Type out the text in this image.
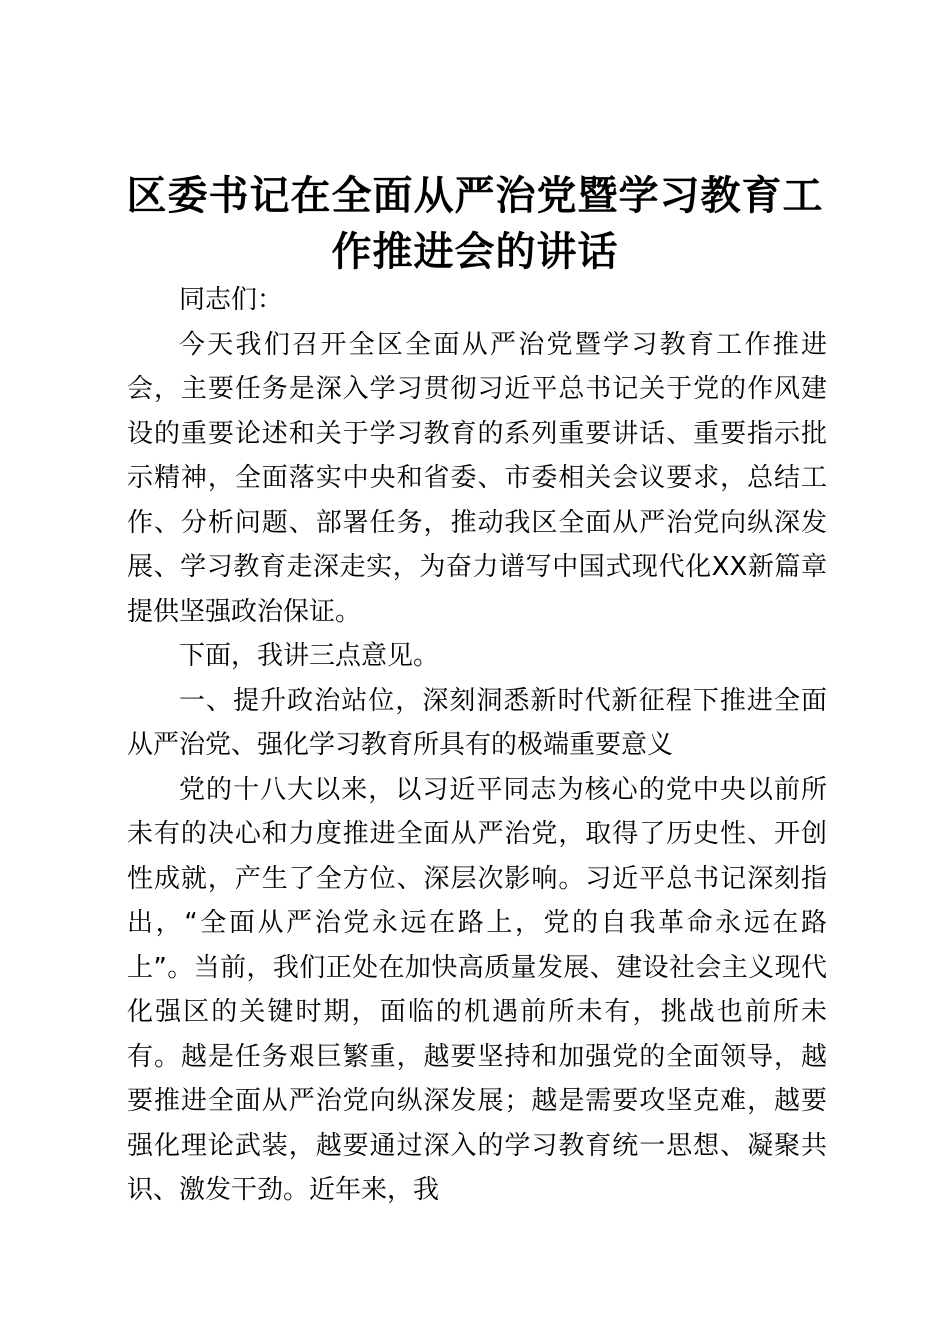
区委书记在全面从严治党暨学习教育工作推进会的讲话

同志们：

今天我们召开全区全面从严治党暨学习教育工作推进会，主要任务是深入学习贯彻习近平总书记关于党的作风建设的重要论述和关于学习教育的系列重要讲话、重要指示批示精神，全面落实中央和省委、市委相关会议要求，总结工作、分析问题、部署任务，推动我区全面从严治党向纵深发展、学习教育走深走实，为奋力谱写中国式现代化XX新篇章提供坚强政治保证。

下面，我讲三点意见。

一、提升政治站位，深刻洞悉新时代新征程下推进全面从严治党、强化学习教育所具有的极端重要意义

党的十八大以来，以习近平同志为核心的党中央以前所未有的决心和力度推进全面从严治党，取得了历史性、开创性成就，产生了全方位、深层次影响。习近平总书记深刻指出，“全面从严治党永远在路上，党的自我革命永远在路上”。当前，我们正处在加快高质量发展、建设社会主义现代化强区的关键时期，面临的机遇前所未有，挑战也前所未有。越是任务艰巨繁重，越要坚持和加强党的全面领导，越要推进全面从严治党向纵深发展；越是需要攻坚克难，越要强化理论武装，越要通过深入的学习教育统一思想、凝聚共识、激发干劲。近年来，我
